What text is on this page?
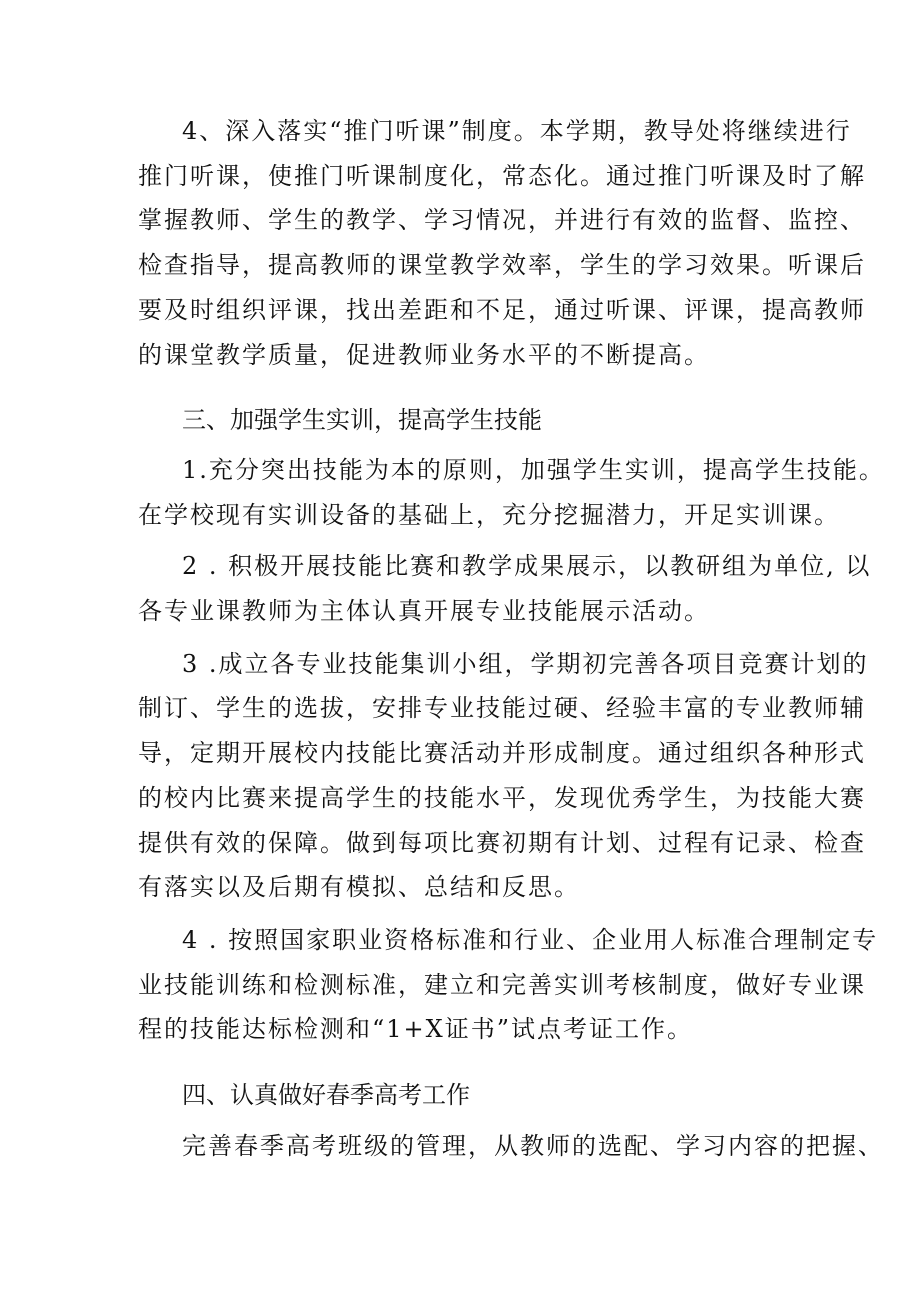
4、深入落实“推门听课”制度。本学期，教导处将继续进行
推门听课，使推门听课制度化，常态化。通过推门听课及时了解
掌握教师、学生的教学、学习情况，并进行有效的监督、监控、
检查指导，提高教师的课堂教学效率，学生的学习效果。听课后
要及时组织评课，找出差距和不足，通过听课、评课，提高教师
的课堂教学质量，促进教师业务水平的不断提高。
三、加强学生实训，提高学生技能
1.充分突出技能为本的原则，加强学生实训，提高学生技能。
在学校现有实训设备的基础上，充分挖掘潜力，开足实训课。
2 . 积极开展技能比赛和教学成果展示，以教研组为单位, 以
各专业课教师为主体认真开展专业技能展示活动。
3 .成立各专业技能集训小组，学期初完善各项目竞赛计划的
制订、学生的选拔，安排专业技能过硬、经验丰富的专业教师辅
导，定期开展校内技能比赛活动并形成制度。通过组织各种形式
的校内比赛来提高学生的技能水平，发现优秀学生，为技能大赛
提供有效的保障。做到每项比赛初期有计划、过程有记录、检查
有落实以及后期有模拟、总结和反思。
4 . 按照国家职业资格标准和行业、企业用人标准合理制定专
业技能训练和检测标准，建立和完善实训考核制度，做好专业课
程的技能达标检测和“1+X证书”试点考证工作。
四、认真做好春季高考工作
完善春季高考班级的管理，从教师的选配、学习内容的把握、
